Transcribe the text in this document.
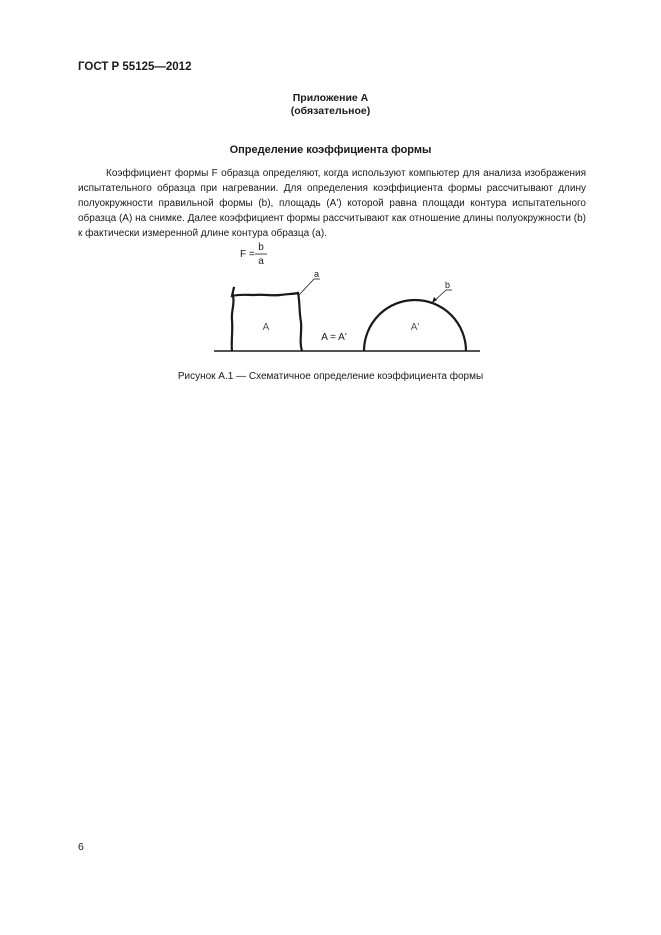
ГОСТ Р 55125—2012
Приложение А
(обязательное)
Определение коэффициента формы
Коэффициент формы F образца определяют, когда используют компьютер для анализа изображения испытательного образца при нагревании. Для определения коэффициента формы рассчитывают длину полуокружности правильной формы (b), площадь (A') которой равна площади контура испытательного образца (A) на снимке. Далее коэффициент формы рассчитывают как отношение длины полуокружности (b) к фактически измеренной длине контура образца (a).
F =
b
a
A
a
A = A'
A'
b
Рисунок А.1 — Схематичное определение коэффициента формы
6
